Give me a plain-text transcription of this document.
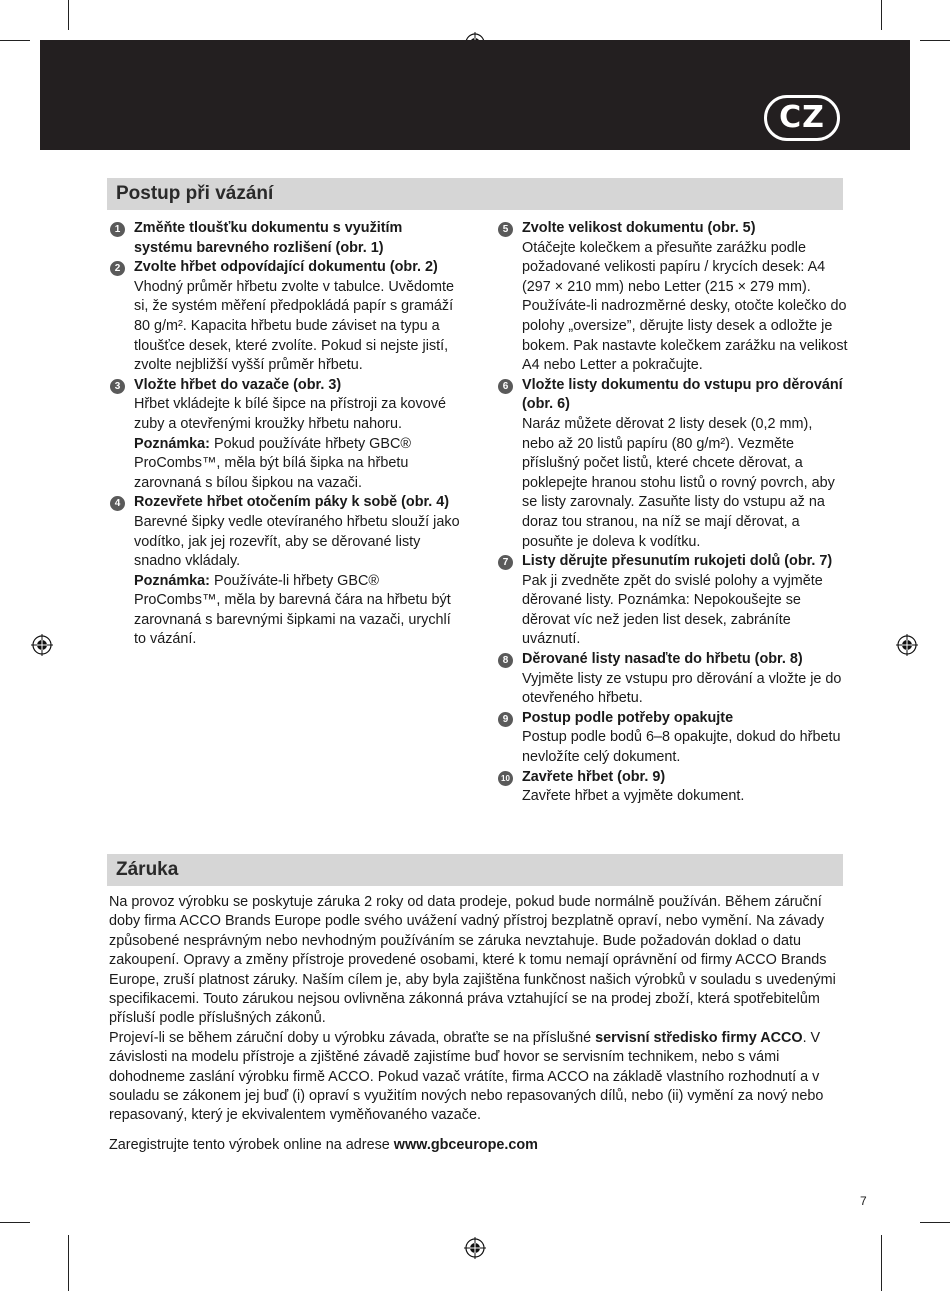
CZ
Postup při vázání
1 Změňte tloušťku dokumentu s využitím systému barevného rozlišení (obr. 1)
2 Zvolte hřbet odpovídající dokumentu (obr. 2)
Vhodný průměr hřbetu zvolte v tabulce. Uvědomte si, že systém měření předpokládá papír s gramáží 80 g/m². Kapacita hřbetu bude záviset na typu a tloušťce desek, které zvolíte. Pokud si nejste jistí, zvolte nejbližší vyšší průměr hřbetu.
3 Vložte hřbet do vazače (obr. 3)
Hřbet vkládejte k bílé šipce na přístroji za kovové zuby a otevřenými kroužky hřbetu nahoru.
Poznámka: Pokud používáte hřbety GBC® ProCombs™, měla být bílá šipka na hřbetu zarovnaná s bílou šipkou na vazači.
4 Rozevřete hřbet otočením páky k sobě (obr. 4)
Barevné šipky vedle otevíraného hřbetu slouží jako vodítko, jak jej rozevřít, aby se děrované listy snadno vkládaly.
Poznámka: Používáte-li hřbety GBC® ProCombs™, měla by barevná čára na hřbetu být zarovnaná s barevnými šipkami na vazači, urychlí to vázání.
5 Zvolte velikost dokumentu (obr. 5)
Otáčejte kolečkem a přesuňte zarážku podle požadované velikosti papíru / krycích desek: A4 (297 × 210 mm) nebo Letter (215 × 279 mm). Používáte-li nadrozměrné desky, otočte kolečko do polohy „oversize”, děrujte listy desek a odložte je bokem. Pak nastavte kolečkem zarážku na velikost A4 nebo Letter a pokračujte.
6 Vložte listy dokumentu do vstupu pro děrování (obr. 6)
Naráz můžete děrovat 2 listy desek (0,2 mm), nebo až 20 listů papíru (80 g/m²). Vezměte příslušný počet listů, které chcete děrovat, a poklepejte hranou stohu listů o rovný povrch, aby se listy zarovnaly. Zasuňte listy do vstupu až na doraz tou stranou, na níž se mají děrovat, a posuňte je doleva k vodítku.
7 Listy děrujte přesunutím rukojeti dolů (obr. 7)
Pak ji zvedněte zpět do svislé polohy a vyjměte děrované listy. Poznámka: Nepokoušejte se děrovat víc než jeden list desek, zabráníte uváznutí.
8 Děrované listy nasaďte do hřbetu (obr. 8)
Vyjměte listy ze vstupu pro děrování a vložte je do otevřeného hřbetu.
9 Postup podle potřeby opakujte
Postup podle bodů 6–8 opakujte, dokud do hřbetu nevložíte celý dokument.
10 Zavřete hřbet (obr. 9)
Zavřete hřbet a vyjměte dokument.
Záruka

Na provoz výrobku se poskytuje záruka 2 roky od data prodeje, pokud bude normálně používán. Během záruční doby firma ACCO Brands Europe podle svého uvážení vadný přístroj bezplatně opraví, nebo vymění. Na závady způsobené nesprávným nebo nevhodným používáním se záruka nevztahuje. Bude požadován doklad o datu zakoupení. Opravy a změny přístroje provedené osobami, které k tomu nemají oprávnění od firmy ACCO Brands Europe, zruší platnost záruky. Naším cílem je, aby byla zajištěna funkčnost našich výrobků v souladu s uvedenými specifikacemi. Touto zárukou nejsou ovlivněna zákonná práva vztahující se na prodej zboží, která spotřebitelům přísluší podle příslušných zákonů.

Projeví-li se během záruční doby u výrobku závada, obraťte se na příslušné servisní středisko firmy ACCO. V závislosti na modelu přístroje a zjištěné závadě zajistíme buď hovor se servisním technikem, nebo s vámi dohodneme zaslání výrobku firmě ACCO. Pokud vazač vrátíte, firma ACCO na základě vlastního rozhodnutí a v souladu se zákonem jej buď (i) opraví s využitím nových nebo repasovaných dílů, nebo (ii) vymění za nový nebo repasovaný, který je ekvivalentem vyměňovaného vazače.

Zaregistrujte tento výrobek online na adrese www.gbceurope.com

7
